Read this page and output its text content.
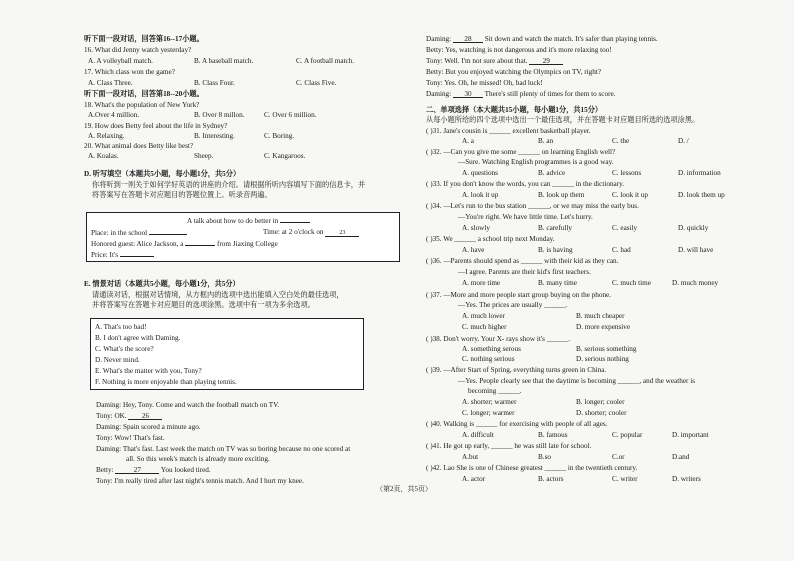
听下面一段对话，回答第16--17小题。
16. What did Jenny watch yesterday?
A. A volleyball match.	B. A baseball match.	C. A football match.
17. Which class won the game?
A. Class Three.	B. Class Four.	C. Class Five.
听下面一段对话，回答第18--20小题。
18. What's the population of New York?
A.Over 4 million.	B. Over 8 millon.	C. Over 6 million.
19. How does Betty feel about the life in Sydney?
A. Relaxing.	B. Interesting.	C. Boring.
20. What animal does Betty like best?
A. Koalas.	Sheep.	C. Kangaroos.
D. 听写填空（本题共5小题，每小题1分，共5分）
你将听到一则关于如何学好英语的讲座的介绍。请根据所听内容填写下面的信息卡，并
将答案写在答题卡对应题目的答题位置上。听录音两遍。
A talk about how to do better in
Place: in the school	Time: at 2 o'clock on	23
Honored guest: Alice Jackson, a	from Jiaxing College
Price: It's
E. 情景对话（本题共5小题，每小题1分，共5分）
请通读对话，根据对话情境，从方框内的选项中选出能填入空白处的最佳选项，
并将答案写在答题卡对应题目的选项涂黑。选项中有一项为多余选项。
A. That's too bad!
B. I don't agree with Daming.
C. What's the score?
D. Never mind.
E. What's the matter with you, Tony?
F. Nothing is more enjoyable than playing tennis.
Daming: Hey, Tony. Come and watch the football match on TV.
Tony: OK. 26
Daming: Spain scored a minute ago.
Tony: Wow! That's fast.
Daming: That's fast. Last week the match on TV was so boring because no one scored at
all. So this week's match is already more exciting.
Betty:	27	You looked tired.
Tony: I'm really tired after last night's tennis match. And I hurt my knee.
Daming: 28 Sit down and watch the match. It's safer than playing tennis.
Betty: Yes, watching is not dangerous and it's more relaxing too!
Tony: Well. I'm not sure about that. 29
Betty: But you enjoyed watching the Olympics on TV, right?
Tony: Yes. Oh, he missed! Oh, bad luck!
Daming: 30 There's still plenty of times for them to score.
二、单项选择（本大题共15小题，每小题1分，共15分）
从每小题所给的四个选项中选出一个最佳选项，并在答题卡对应题目所选的选项涂黑。
( )31. Jane's cousin is ______ excellent basketball player.
A. a	B. an	C. the	D. /
( )32. —Can you give me some ______ on learning English well?
—Sure. Watching English programmes is a good way.
A. questions	B. advice	C. lessons	D. information
( )33. If you don't know the words, you can ______ in the dictionary.
A. look it up	B. look up them	C. look it up	D. look them up
( )34. —Let's run to the bus station ______, or we may miss the early bus.
—You're right. We have little time. Let's hurry.
A. slowly	B. carefully	C. easily	D. quickly
( )35. We ______ a school trip next Monday.
A. have	B. is having	C. had	D. will have
( )36. —Parents should spend as ______ with their kid as they can.
—I agree. Parents are their kid's first teachers.
A. more time	B. many time	C. much time	D. much money
( )37. —More and more people start group buying on the phone.
—Yes. The prices are usually ______.
A. much lower	B. much cheaper
C. much higher	D. more expensive
( )38. Don't worry. Your X- rays show it's ______.
A. something serous	B. serious something
C. nothing serious	D. serious nothing
( )39. —After Start of Spring, everything turns green in China.
—Yes. People clearly see that the daytime is becoming ______, and the weather is
becoming ______.
A. shorter; warmer	B. longer; cooler
C. longer; warmer	D. shorter; cooler
( )40. Walking is ______ for exercising with people of all ages.
A. difficult	B. famous	C. popular	D. important
( )41. He got up early, ______ he was still late for school.
A.but	B.so	C.or	D.and
( )42. Lao She is one of Chinese greatest ______ in the twentieth century.
A. actor	B. actors	C. writer	D. writers
（第2页，共5页）
